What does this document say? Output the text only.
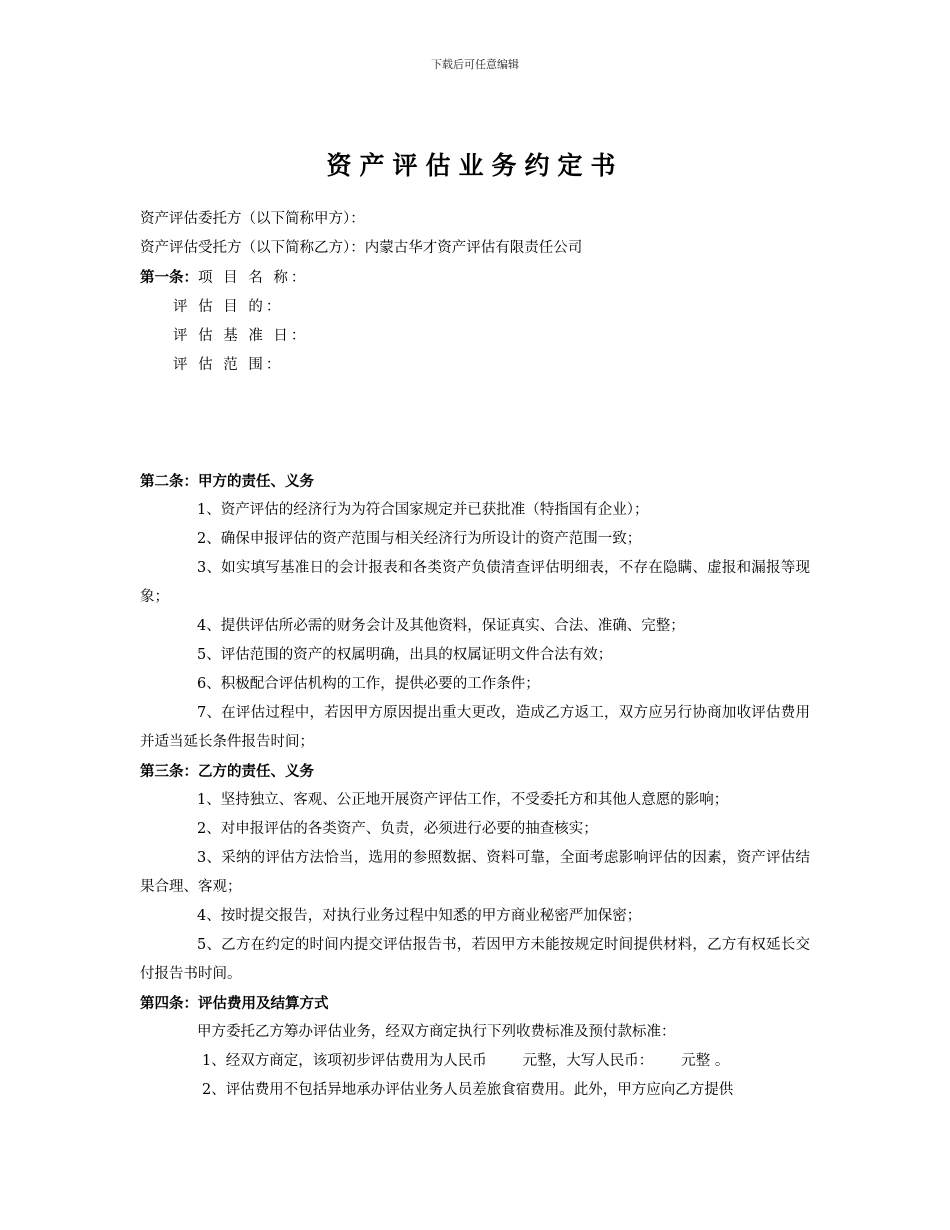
下载后可任意编辑
资产评估业务约定书
资产评估委托方（以下简称甲方）：
资产评估受托方（以下简称乙方）：内蒙古华才资产评估有限责任公司
第一条：项 目 名 称：
评 估 目 的：
评 估 基 准 日：
评 估 范 围：
第二条：甲方的责任、义务
1、资产评估的经济行为为符合国家规定并已获批准（特指国有企业）；
2、确保申报评估的资产范围与相关经济行为所设计的资产范围一致；
3、如实填写基准日的会计报表和各类资产负债清查评估明细表，不存在隐瞒、虚报和漏报等现象；
4、提供评估所必需的财务会计及其他资料，保证真实、合法、准确、完整；
5、评估范围的资产的权属明确，出具的权属证明文件合法有效；
6、积极配合评估机构的工作，提供必要的工作条件；
7、在评估过程中，若因甲方原因提出重大更改，造成乙方返工，双方应另行协商加收评估费用并适当延长条件报告时间；
第三条：乙方的责任、义务
1、坚持独立、客观、公正地开展资产评估工作，不受委托方和其他人意愿的影响；
2、对申报评估的各类资产、负责，必须进行必要的抽查核实；
3、采纳的评估方法恰当，选用的参照数据、资料可靠，全面考虑影响评估的因素，资产评估结果合理、客观；
4、按时提交报告，对执行业务过程中知悉的甲方商业秘密严加保密；
5、乙方在约定的时间内提交评估报告书，若因甲方未能按规定时间提供材料，乙方有权延长交付报告书时间。
第四条：评估费用及结算方式
甲方委托乙方筹办评估业务，经双方商定执行下列收费标准及预付款标准：
1、经双方商定，该项初步评估费用为人民币 元整，大写人民币： 元整 。
2、评估费用不包括异地承办评估业务人员差旅食宿费用。此外，甲方应向乙方提供
